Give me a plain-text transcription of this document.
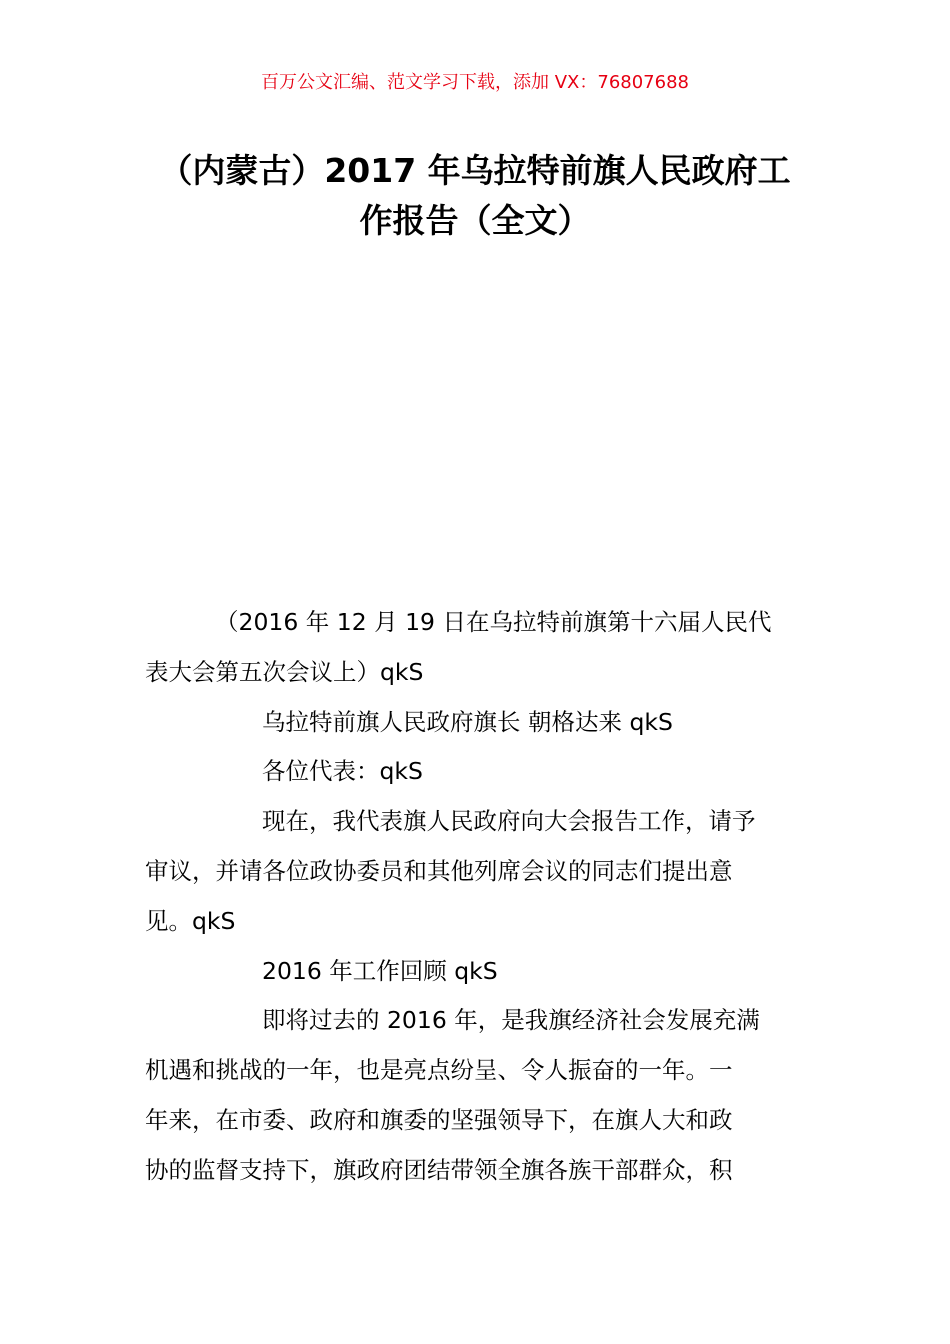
百万公文汇编、范文学习下载，添加 VX：76807688
（内蒙古）2017 年乌拉特前旗人民政府工
作报告（全文）
（2016 年 12 月 19 日在乌拉特前旗第十六届人民代
表大会第五次会议上）qkS
乌拉特前旗人民政府旗长 朝格达来 qkS
各位代表：qkS
现在，我代表旗人民政府向大会报告工作，请予
审议，并请各位政协委员和其他列席会议的同志们提出意
见。qkS
2016 年工作回顾 qkS
即将过去的 2016 年，是我旗经济社会发展充满
机遇和挑战的一年，也是亮点纷呈、令人振奋的一年。一
年来，在市委、政府和旗委的坚强领导下，在旗人大和政
协的监督支持下，旗政府团结带领全旗各族干部群众，积
